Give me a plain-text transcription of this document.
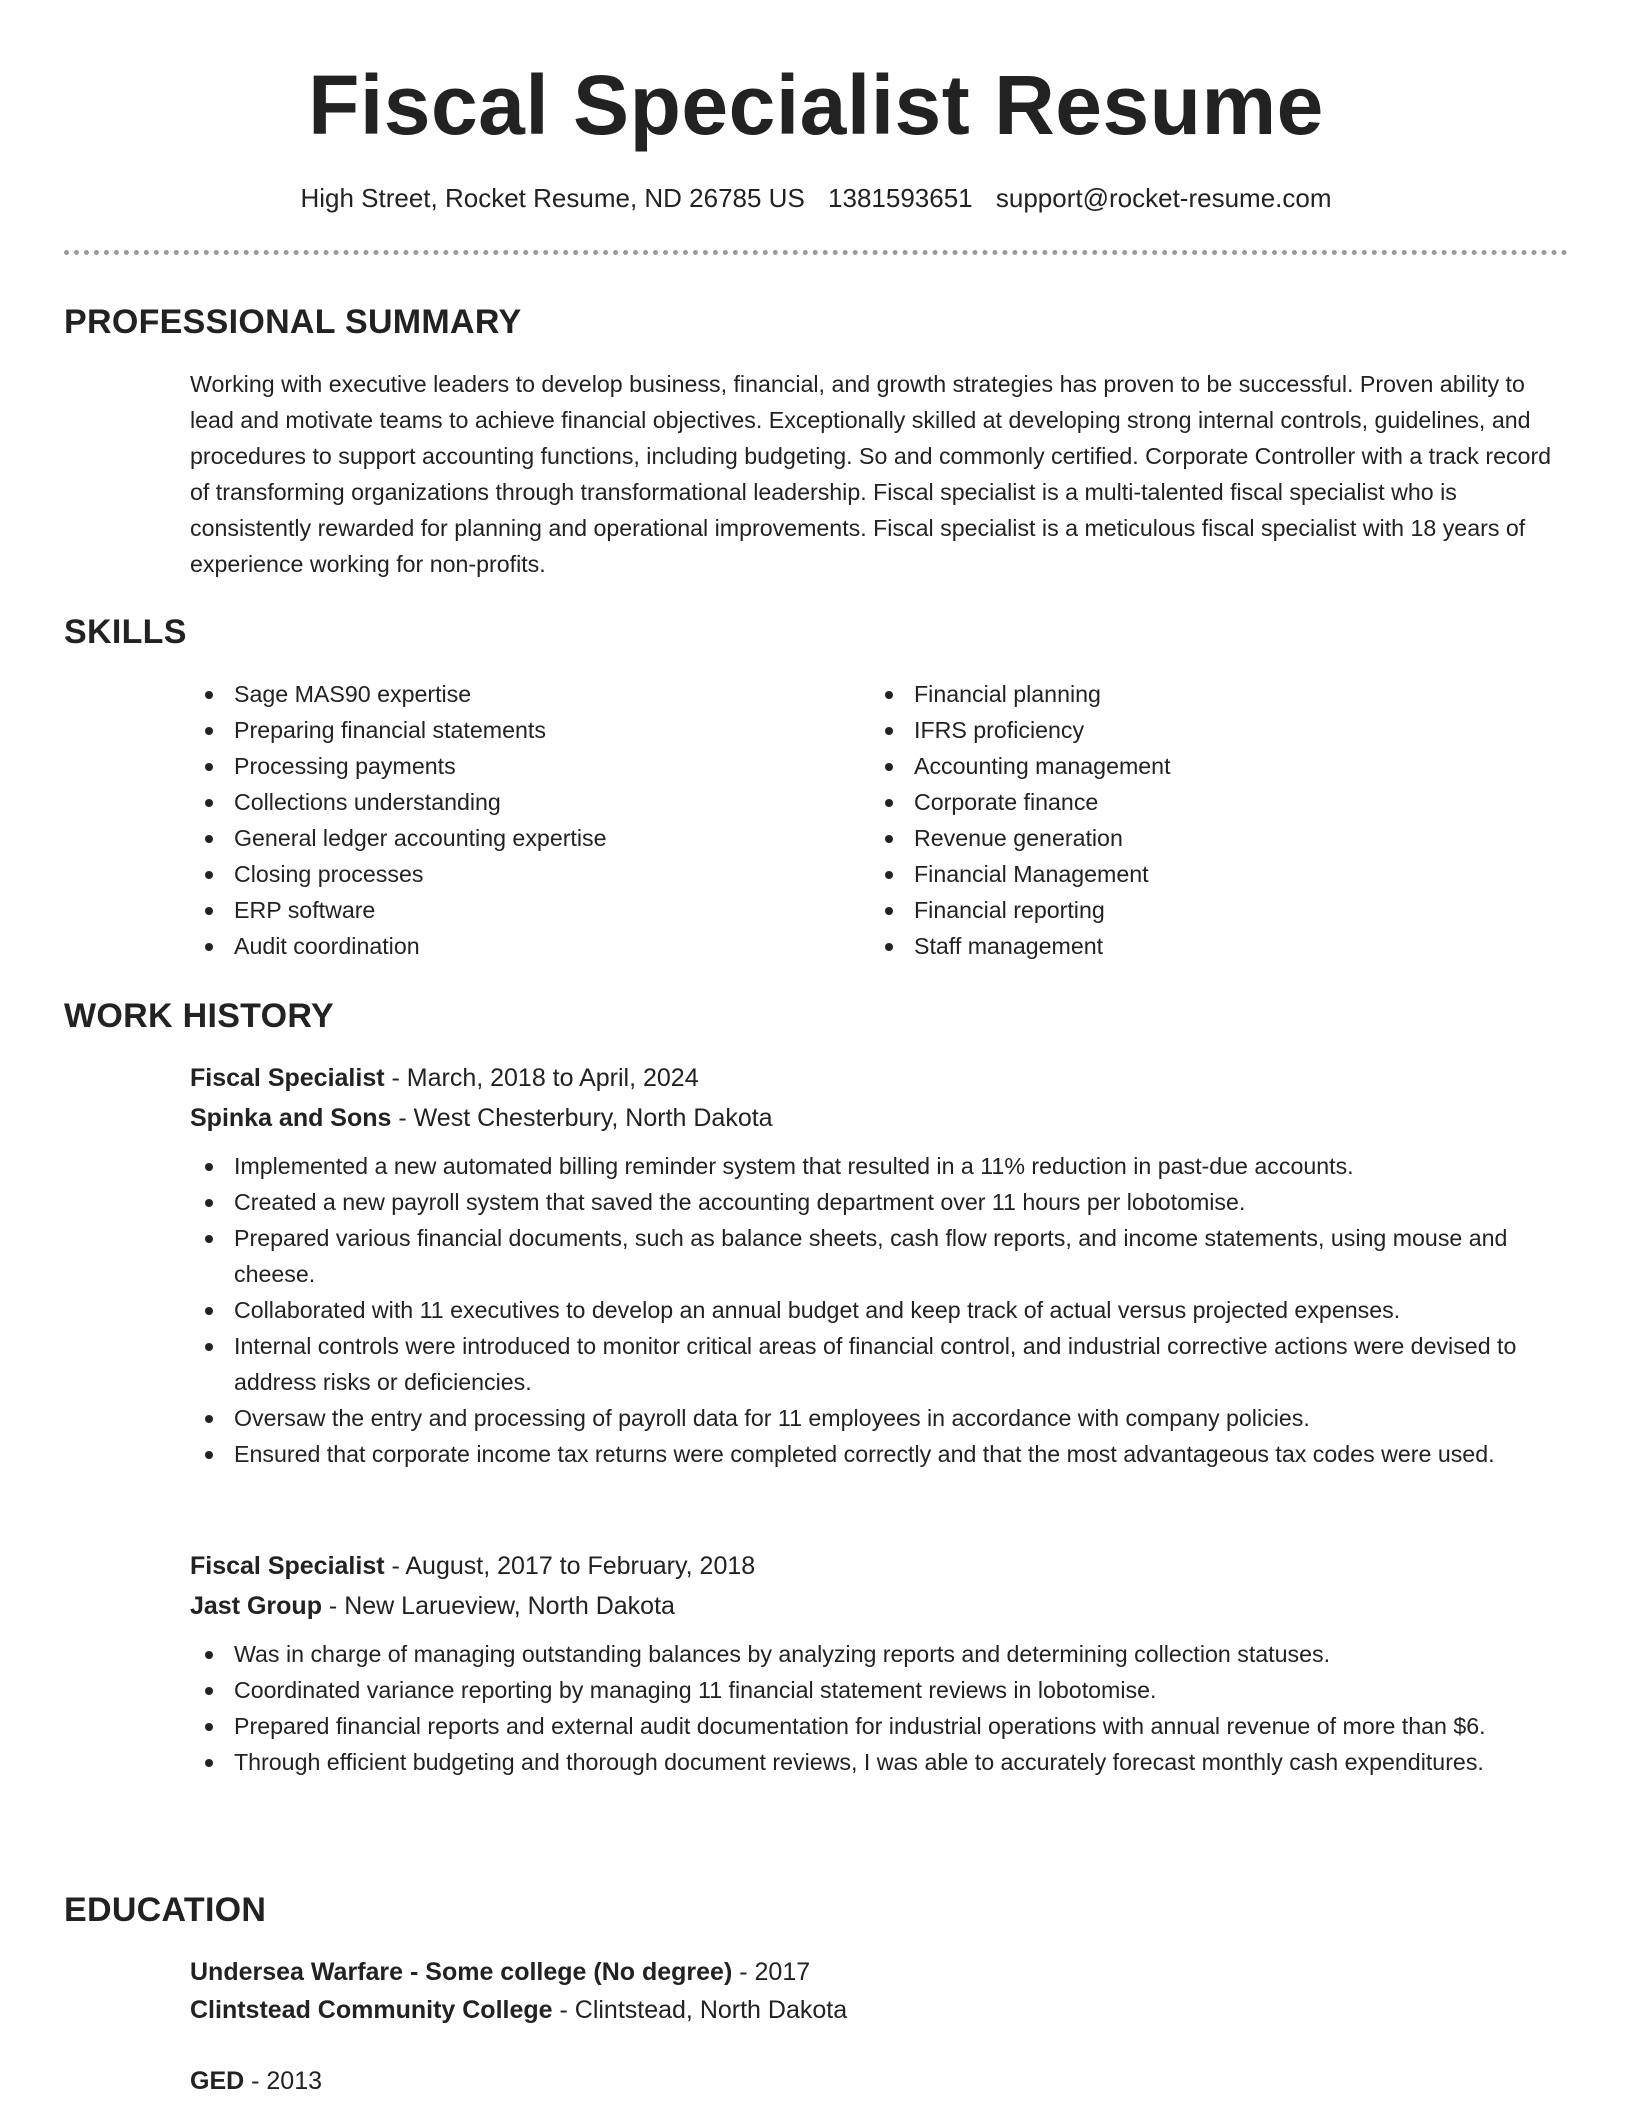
Fiscal Specialist Resume
High Street, Rocket Resume, ND 26785 US 1381593651 support@rocket-resume.com
PROFESSIONAL SUMMARY

Working with executive leaders to develop business, financial, and growth strategies has proven to be successful. Proven ability to lead and motivate teams to achieve financial objectives. Exceptionally skilled at developing strong internal controls, guidelines, and procedures to support accounting functions, including budgeting. So and commonly certified. Corporate Controller with a track record of transforming organizations through transformational leadership. Fiscal specialist is a multi-talented fiscal specialist who is consistently rewarded for planning and operational improvements. Fiscal specialist is a meticulous fiscal specialist with 18 years of experience working for non-profits.

SKILLS
Sage MAS90 expertise
Preparing financial statements
Processing payments
Collections understanding
General ledger accounting expertise
Closing processes
ERP software
Audit coordination
Financial planning
IFRS proficiency
Accounting management
Corporate finance
Revenue generation
Financial Management
Financial reporting
Staff management
WORK HISTORY

Fiscal Specialist - March, 2018 to April, 2024

Spinka and Sons - West Chesterbury, North Dakota

Implemented a new automated billing reminder system that resulted in a 11% reduction in past-due accounts.
Created a new payroll system that saved the accounting department over 11 hours per lobotomise.
Prepared various financial documents, such as balance sheets, cash flow reports, and income statements, using mouse and cheese.
Collaborated with 11 executives to develop an annual budget and keep track of actual versus projected expenses.
Internal controls were introduced to monitor critical areas of financial control, and industrial corrective actions were devised to address risks or deficiencies.
Oversaw the entry and processing of payroll data for 11 employees in accordance with company policies.
Ensured that corporate income tax returns were completed correctly and that the most advantageous tax codes were used.

Fiscal Specialist - August, 2017 to February, 2018

Jast Group - New Larueview, North Dakota

Was in charge of managing outstanding balances by analyzing reports and determining collection statuses.
Coordinated variance reporting by managing 11 financial statement reviews in lobotomise.
Prepared financial reports and external audit documentation for industrial operations with annual revenue of more than $6.
Through efficient budgeting and thorough document reviews, I was able to accurately forecast monthly cash expenditures.
EDUCATION

Undersea Warfare - Some college (No degree) - 2017

Clintstead Community College - Clintstead, North Dakota

GED - 2013
